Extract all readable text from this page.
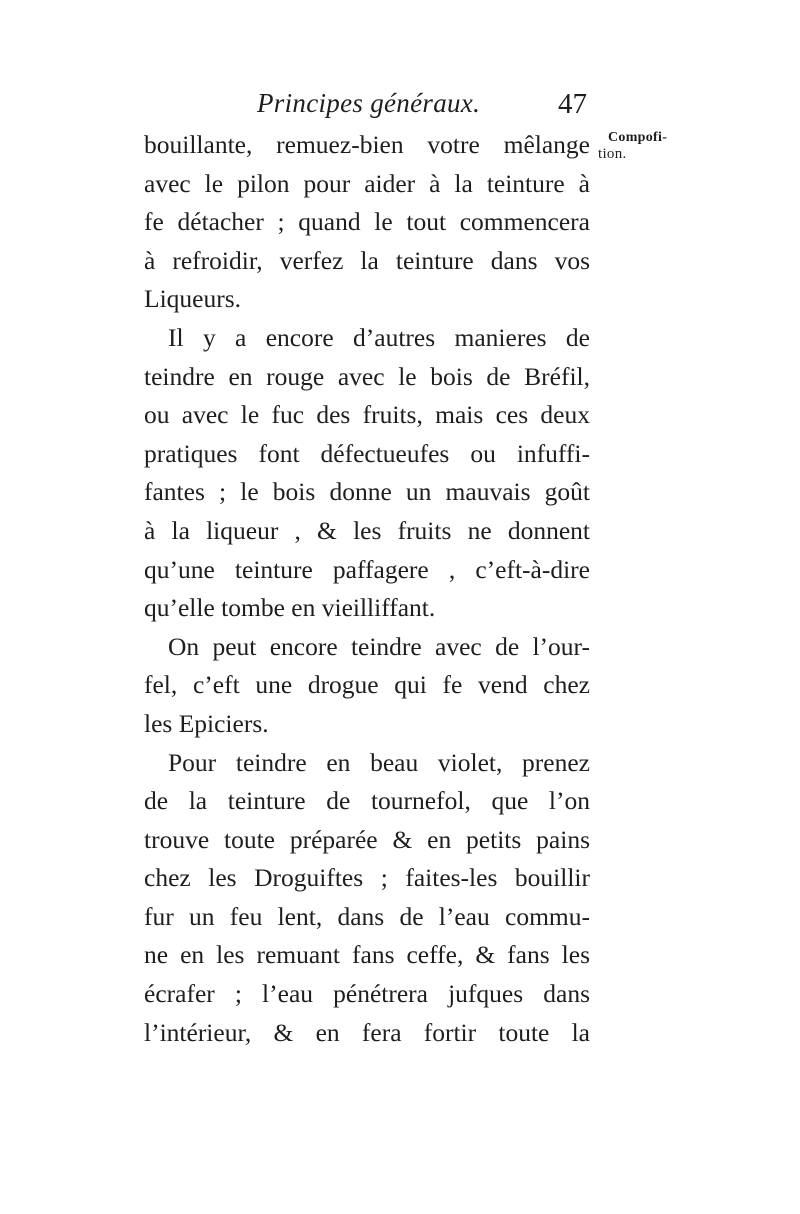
Principes généraux.	47
Compofi-
tion.
bouillante, remuez-bien votre mêlange
avec le pilon pour aider à la teinture à
fe détacher ; quand le tout commencera
à refroidir, verfez la teinture dans vos
Liqueurs.
Il y a encore d’autres manieres de
teindre en rouge avec le bois de Bréfil,
ou avec le fuc des fruits, mais ces deux
pratiques font défectueufes ou infuffi-
fantes ; le bois donne un mauvais goût
à la liqueur , & les fruits ne donnent
qu’une teinture paffagere , c’eft-à-dire
qu’elle tombe en vieilliffant.
On peut encore teindre avec de l’our-
fel, c’eft une drogue qui fe vend chez
les Epiciers.
Pour teindre en beau violet, prenez
de la teinture de tournefol, que l’on
trouve toute préparée & en petits pains
chez les Droguiftes ; faites-les bouillir
fur un feu lent, dans de l’eau commu-
ne en les remuant fans ceffe, & fans les
écrafer ; l’eau pénétrera jufques dans
l’intérieur, & en fera fortir toute la
